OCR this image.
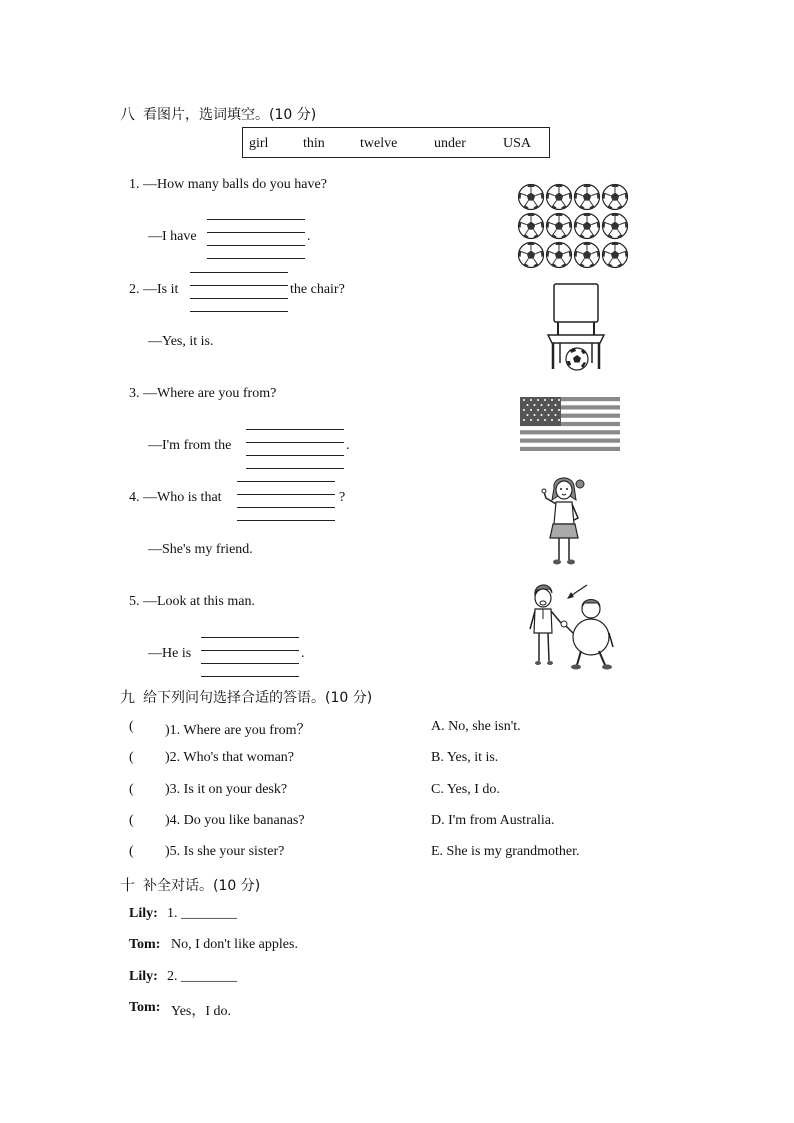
八 看图片，选词填空。(10 分)
girl thin	twelve	under	USA
1. —How many balls do you have?
—I have	.
2. —Is it	the chair?
—Yes, it is.
3. —Where are you from?
—I'm from the	.
4. —Who is that	?
—She's my friend.
5. —Look at this man.
—He is	.
九 给下列问句选择合适的答语。(10 分)
( )1. Where are you from？	A. No, she isn't.
( )2. Who's that woman?	B. Yes, it is.
( )3. Is it on your desk?	C. Yes, I do.
( )4. Do you like bananas?	D. I'm from Australia.
( )5. Is she your sister?	E. She is my grandmother.
十 补全对话。(10 分)
Lily: 1. ________
Tom: No, I don't like apples.
Lily: 2. ________
Tom: Yes，I do.
